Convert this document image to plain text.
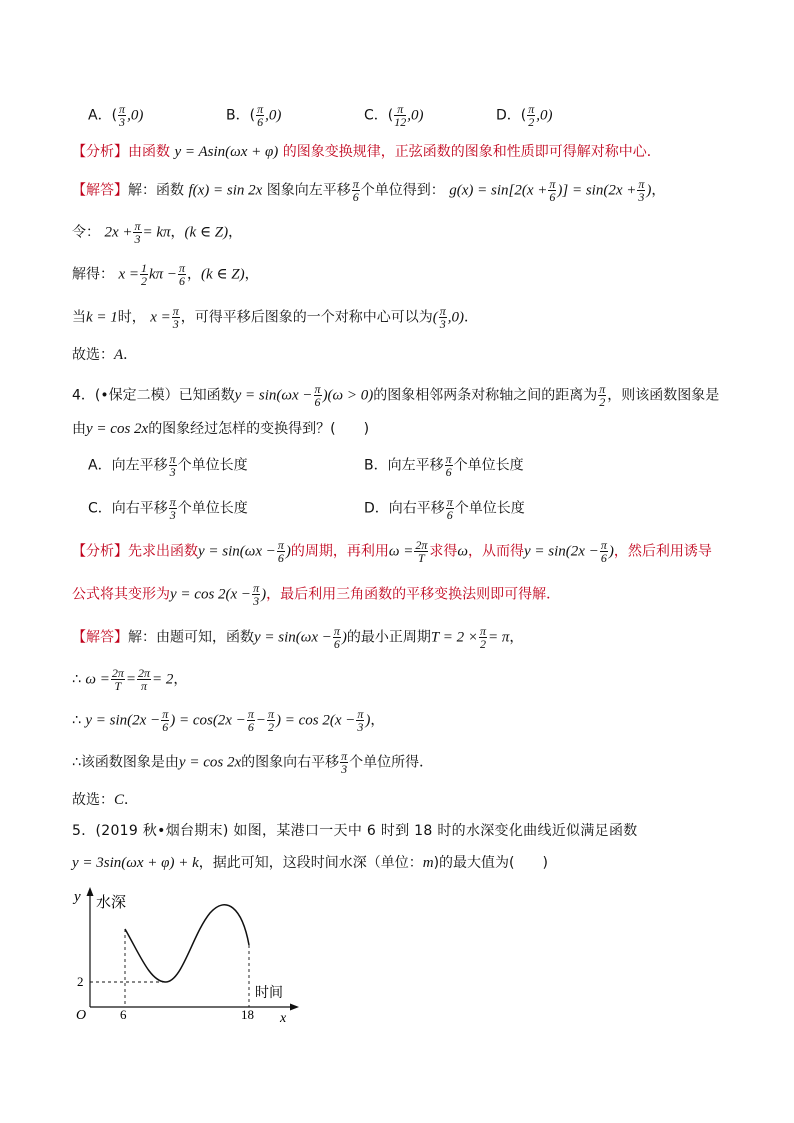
A．( $\frac{\pi}{3} ,0$)	B．( $\frac{\pi}{6} ,0$)	C．( $\frac{\pi}{12} ,0$)	D．( $\frac{\pi}{2} ,0$)
【分析】由函数 y = Asin(ωx + φ) 的图象变换规律，正弦函数的图象和性质即可得解对称中心．
【解答】解：函数 f(x) = sin 2x 图象向左平移 $\frac{\pi}{6}$ 个单位得到： $g(x) = \sin[2(x + \frac{\pi}{6}$ )] = $\sin(2x + \frac{\pi}{3}$ )，
令： $2x + \frac{\pi}{3} = k\pi$，(k ∈ Z)，
解得： $x = \frac{1}{2}$ $k\pi - \frac{\pi}{6}$ ，(k ∈ Z)，
当k = 1时， $x = \frac{\pi}{3}$ ，可得平移后图象的一个对称中心可以为( $\frac{\pi}{3} ,0$)．
故选：A．
4．(•保定二模）已知函数$y = \sin(\omega x - \frac{\pi}{6} )(\omega > 0)$的图象相邻两条对称轴之间的距离为 $\frac{\pi}{2}$ ，则该函数图象是
由y = cos 2x的图象经过怎样的变换得到？(　　)
A．向左平移 $\frac{\pi}{3}$ 个单位长度	B．向左平移 $\frac{\pi}{6}$ 个单位长度
C．向右平移 $\frac{\pi}{3}$ 个单位长度	D．向右平移 $\frac{\pi}{6}$ 个单位长度
【分析】先求出函数$y = \sin(\omega x - \frac{\pi}{6}$ )的周期，再利用$\omega = \frac{2\pi}{T}$ 求得ω，从而得$y = \sin(2x - \frac{\pi}{6}$ )，然后利用诱导
公式将其变形为$y = \cos 2(x - \frac{\pi}{3}$ )，最后利用三角函数的平移变换法则即可得解．
【解答】解：由题可知，函数$y = \sin(\omega x - \frac{\pi}{6}$ )的最小正周期$T = 2 \times \frac{\pi}{2} = \pi$，
∴ $\omega = \frac{2\pi}{T} = \frac{2\pi}{\pi} = 2$，
∴ $y = \sin(2x - \frac{\pi}{6}$ ) = $\cos(2x - \frac{\pi}{6} - \frac{\pi}{2}$ ) = $\cos 2(x - \frac{\pi}{3}$ )，
∴该函数图象是由y = cos 2x的图象向右平移 $\frac{\pi}{3}$ 个单位所得．
故选：C．
5．(2019 秋•烟台期末) 如图，某港口一天中 6 时到 18 时的水深变化曲线近似满足函数
y = 3sin(ωx + φ) + k，据此可知，这段时间水深（单位：m)的最大值为(　　)
y 水深
x
时间
O	6	18
2
